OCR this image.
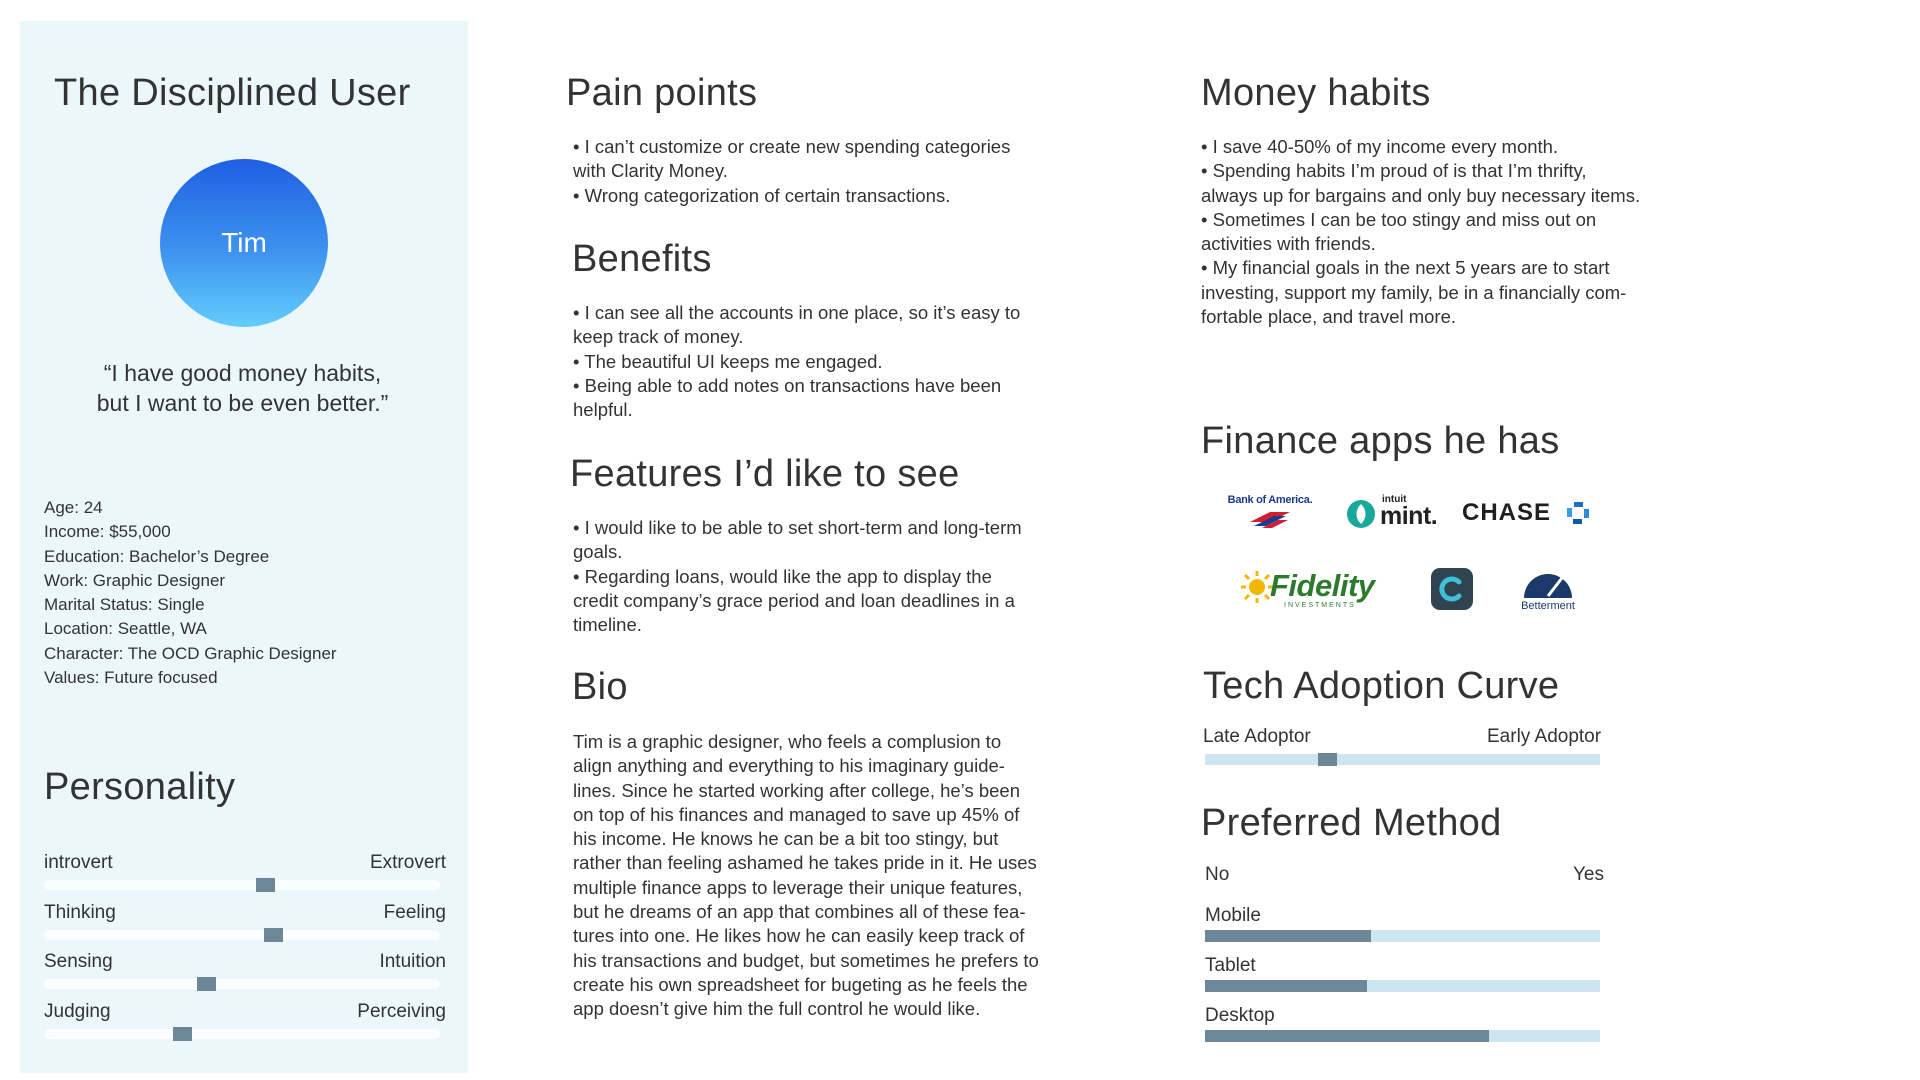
The Disciplined User
Tim
“I have good money habits,
but I want to be even better.”
Age: 24
Income: $55,000
Education: Bachelor’s Degree
Work: Graphic Designer
Marital Status: Single
Location: Seattle, WA
Character: The OCD Graphic Designer
Values: Future focused
Personality
introvert	Extrovert
Thinking	Feeling
Sensing	Intuition
Judging	Perceiving
Pain points
• I can’t customize or create new spending categories
with Clarity Money.
• Wrong categorization of certain transactions.
Benefits
• I can see all the accounts in one place, so it’s easy to
keep track of money.
• The beautiful UI keeps me engaged.
• Being able to add notes on transactions have been
helpful.
Features I’d like to see
• I would like to be able to set short-term and long-term
goals.
• Regarding loans, would like the app to display the
credit company’s grace period and loan deadlines in a
timeline.
Bio
Tim is a graphic designer, who feels a complusion to
align anything and everything to his imaginary guide-
lines. Since he started working after college, he’s been
on top of his finances and managed to save up 45% of
his income. He knows he can be a bit too stingy, but
rather than feeling ashamed he takes pride in it. He uses
multiple finance apps to leverage their unique features,
but he dreams of an app that combines all of these fea-
tures into one. He likes how he can easily keep track of
his transactions and budget, but sometimes he prefers to
create his own spreadsheet for bugeting as he feels the
app doesn’t give him the full control he would like.
Money habits
• I save 40-50% of my income every month.
• Spending habits I’m proud of is that I’m thrifty,
always up for bargains and only buy necessary items.
• Sometimes I can be too stingy and miss out on
activities with friends.
• My financial goals in the next 5 years are to start
investing, support my family, be in a financially com-
fortable place, and travel more.
Finance apps he has
Bank of America.	intuit
mint. CHASE
Fidelity
INVESTMENTS	Betterment
Tech Adoption Curve
Late Adoptor	Early Adoptor
Preferred Method
No	Yes
Mobile
Tablet
Desktop
